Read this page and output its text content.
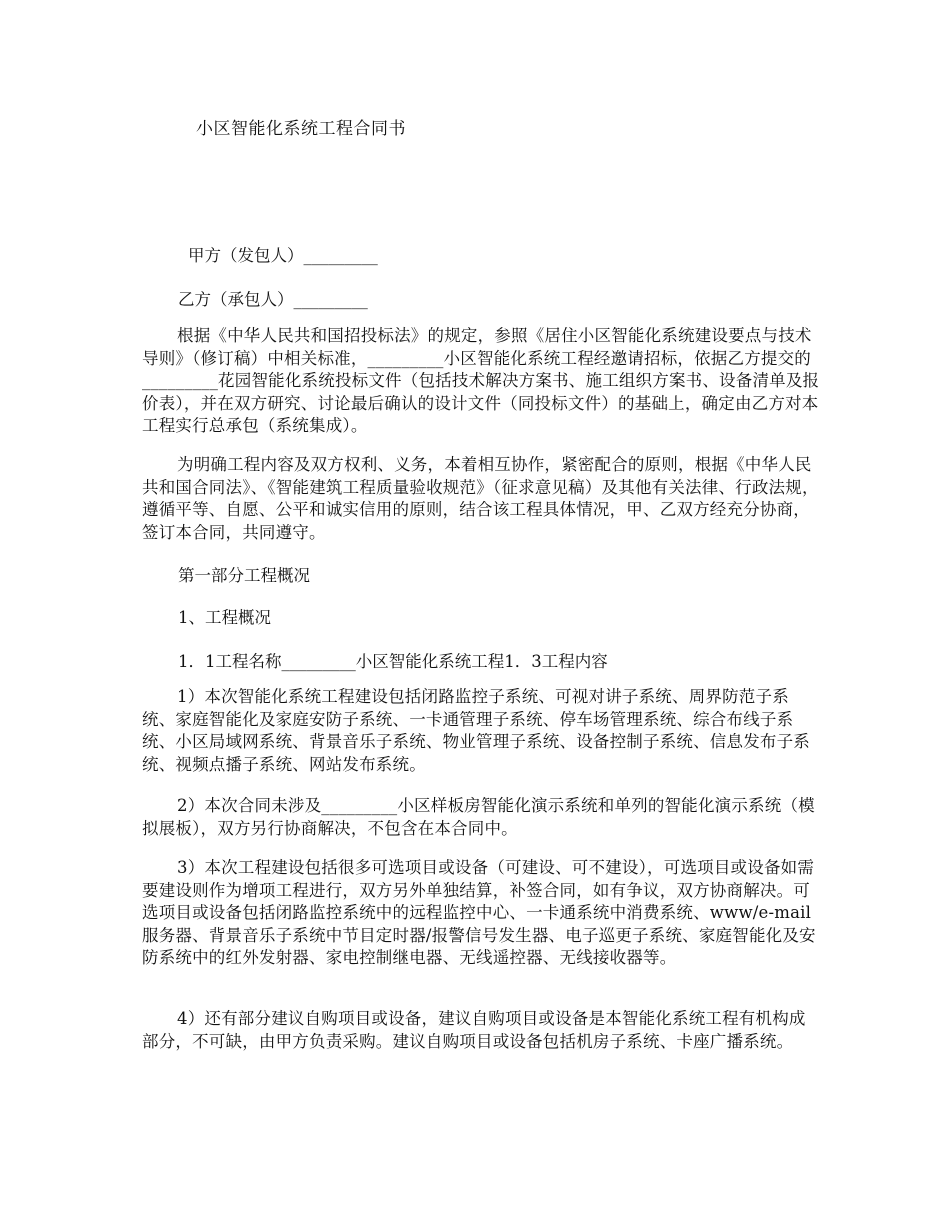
小区智能化系统工程合同书
甲方（发包人）_________
乙方（承包人）_________

根据《中华人民共和国招投标法》的规定，参照《居住小区智能化系统建设要点与技术导则》（修订稿）中相关标准，_________小区智能化系统工程经邀请招标，依据乙方提交的_________花园智能化系统投标文件（包括技术解决方案书、施工组织方案书、设备清单及报价表），并在双方研究、讨论最后确认的设计文件（同投标文件）的基础上，确定由乙方对本工程实行总承包（系统集成）。

为明确工程内容及双方权利、义务，本着相互协作，紧密配合的原则，根据《中华人民共和国合同法》、《智能建筑工程质量验收规范》（征求意见稿）及其他有关法律、行政法规，遵循平等、自愿、公平和诚实信用的原则，结合该工程具体情况，甲、乙双方经充分协商，签订本合同，共同遵守。

第一部分工程概况
1、工程概况
1．1工程名称_________小区智能化系统工程1．3工程内容

1）本次智能化系统工程建设包括闭路监控子系统、可视对讲子系统、周界防范子系统、家庭智能化及家庭安防子系统、一卡通管理子系统、停车场管理系统、综合布线子系统、小区局域网系统、背景音乐子系统、物业管理子系统、设备控制子系统、信息发布子系统、视频点播子系统、网站发布系统。

2）本次合同未涉及_________小区样板房智能化演示系统和单列的智能化演示系统（模拟展板），双方另行协商解决，不包含在本合同中。

3）本次工程建设包括很多可选项目或设备（可建设、可不建设），可选项目或设备如需要建设则作为增项工程进行，双方另外单独结算，补签合同，如有争议，双方协商解决。可选项目或设备包括闭路监控系统中的远程监控中心、一卡通系统中消费系统、www/e-mail服务器、背景音乐子系统中节目定时器/报警信号发生器、电子巡更子系统、家庭智能化及安防系统中的红外发射器、家电控制继电器、无线遥控器、无线接收器等。

4）还有部分建议自购项目或设备，建议自购项目或设备是本智能化系统工程有机构成部分，不可缺，由甲方负责采购。建议自购项目或设备包括机房子系统、卡座广播系统。
